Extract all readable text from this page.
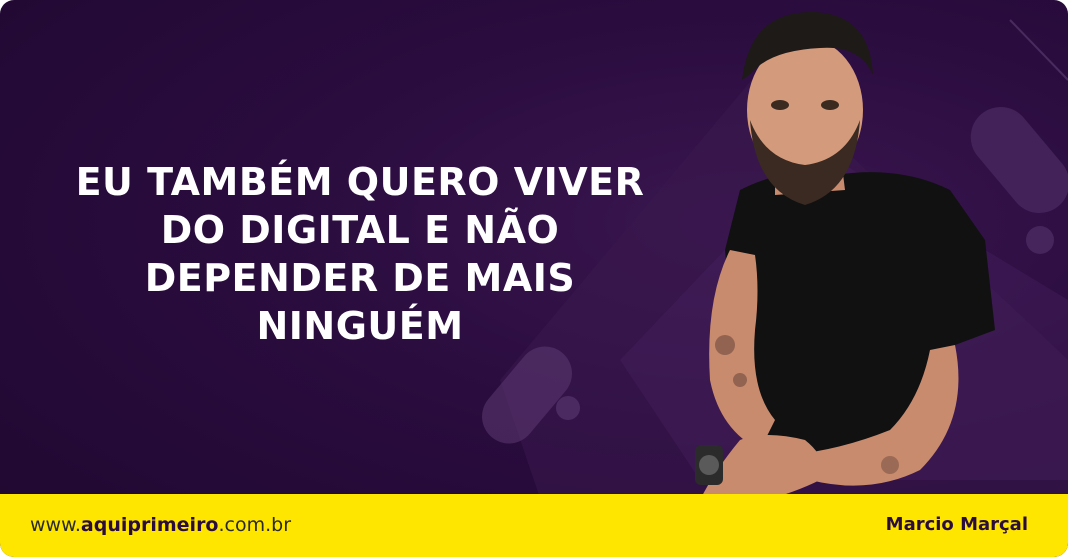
EU TAMBÉM QUERO VIVER
DO DIGITAL E NÃO
DEPENDER DE MAIS
NINGUÉM
www.aquiprimeiro.com.br	Marcio Marçal
